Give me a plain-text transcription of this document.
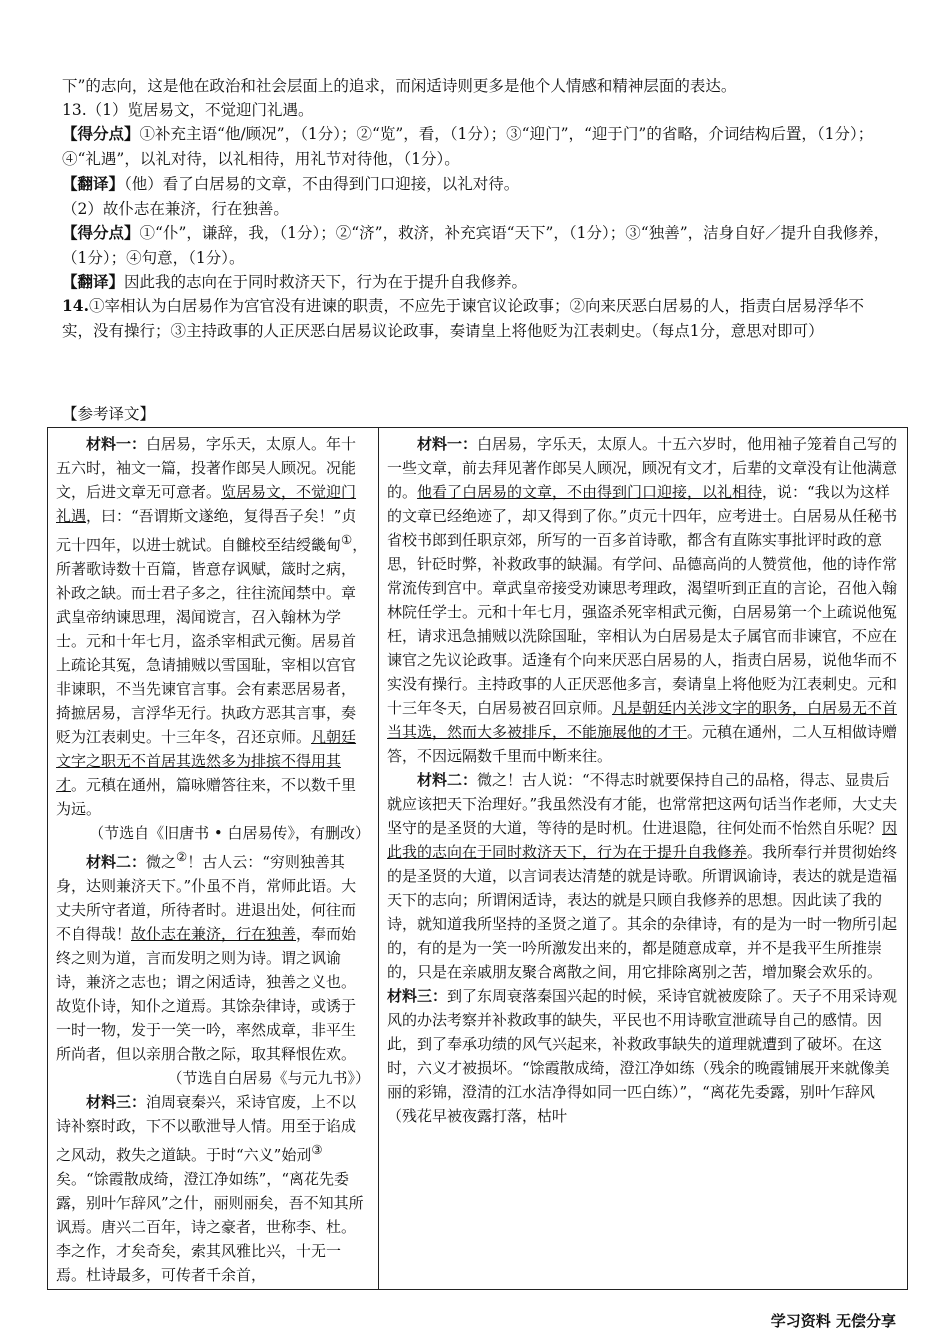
下”的志向，这是他在政治和社会层面上的追求，而闲适诗则更多是他个人情感和精神层面的表达。
13.（1）览居易文，不觉迎门礼遇。
【得分点】①补充主语“他/顾况”，（1分）；②“览”，看，（1分）；③“迎门”，“迎于门”的省略，介词结构后置，（1分）；④“礼遇”，以礼对待，以礼相待，用礼节对待他，（1分）。
【翻译】（他）看了白居易的文章，不由得到门口迎接，以礼对待。
（2）故仆志在兼济，行在独善。
【得分点】①“仆”，谦辞，我，（1分）；②“济”，救济，补充宾语“天下”，（1分）；③“独善”，洁身自好／提升自我修养，（1分）；④句意，（1分）。
【翻译】因此我的志向在于同时救济天下，行为在于提升自我修养。
14.①宰相认为白居易作为宫官没有进谏的职责，不应先于谏官议论政事；②向来厌恶白居易的人，指责白居易浮华不实，没有操行；③主持政事的人正厌恶白居易议论政事，奏请皇上将他贬为江表刺史。（每点1分，意思对即可）
【参考译文】
材料一：白居易，字乐天，太原人。年十五六时，袖文一篇，投著作郎吴人顾况。况能文，后进文章无可意者。览居易文，不觉迎门礼遇，曰：“吾谓斯文遂绝，复得吾子矣！”贞元十四年，以进士就试。自雠校至结绶畿甸①，所著歌诗数十百篇，皆意存讽赋，箴时之病，补政之缺。而士君子多之，往往流闻禁中。章武皇帝纳谏思理，渴闻谠言，召入翰林为学士。元和十年七月，盗杀宰相武元衡。居易首上疏论其冤，急请捕贼以雪国耻，宰相以宫官非谏职，不当先谏官言事。会有素恶居易者，掎摭居易，言浮华无行。执政方恶其言事，奏贬为江表刺史。十三年冬，召还京师。凡朝廷文字之职无不首居其选然多为排摈不得用其才。元稹在通州，篇咏赠答往来，不以数千里为远。
（节选自《旧唐书 • 白居易传》，有删改）
材料二：微之②！古人云：“穷则独善其身，达则兼济天下。”仆虽不肖，常师此语。大丈夫所守者道，所待者时。进退出处，何往而不自得哉！故仆志在兼济，行在独善，奉而始终之则为道，言而发明之则为诗。谓之讽谕诗，兼济之志也；谓之闲适诗，独善之义也。故览仆诗，知仆之道焉。其馀杂律诗，或诱于一时一物，发于一笑一吟，率然成章，非平生所尚者，但以亲朋合散之际，取其释恨佐欢。
（节选自白居易《与元九书》）
材料三：洎周衰秦兴，采诗官废，上不以诗补察时政，下不以歌泄导人情。用至于谄成之风动，救失之道缺。于时“六义”始刓③矣。“馀霞散成绮，澄江净如练”，“离花先委露，别叶乍辞风”之什，丽则丽矣，吾不知其所讽焉。唐兴二百年，诗之豪者，世称李、杜。李之作，才矣奇矣，索其风雅比兴，十无一焉。杜诗最多，可传者千余首，

材料一：白居易，字乐天，太原人。十五六岁时，他用袖子笼着自己写的一些文章，前去拜见著作郎吴人顾况，顾况有文才，后辈的文章没有让他满意的。他看了白居易的文章，不由得到门口迎接，以礼相待，说：“我以为这样的文章已经绝迹了，却又得到了你。”贞元十四年，应考进士。白居易从任秘书省校书郎到任职京郊，所写的一百多首诗歌，都含有直陈实事批评时政的意思，针砭时弊，补救政事的缺漏。有学问、品德高尚的人赞赏他，他的诗作常常流传到宫中。章武皇帝接受劝谏思考理政，渴望听到正直的言论，召他入翰林院任学士。元和十年七月，强盗杀死宰相武元衡，白居易第一个上疏说他冤枉，请求迅急捕贼以洗除国耻，宰相认为白居易是太子属官而非谏官，不应在谏官之先议论政事。适逢有个向来厌恶白居易的人，指责白居易，说他华而不实没有操行。主持政事的人正厌恶他多言，奏请皇上将他贬为江表刺史。元和十三年冬天，白居易被召回京师。凡是朝廷内关涉文字的职务，白居易无不首当其选，然而大多被排斥，不能施展他的才干。元稹在通州，二人互相做诗赠答，不因远隔数千里而中断来往。
材料二：微之！古人说：“不得志时就要保持自己的品格，得志、显贵后就应该把天下治理好。”我虽然没有才能，也常常把这两句话当作老师，大丈夫坚守的是圣贤的大道，等待的是时机。仕进退隐，往何处而不怡然自乐呢？因此我的志向在于同时救济天下，行为在于提升自我修养。我所奉行并贯彻始终的是圣贤的大道，以言词表达清楚的就是诗歌。所谓讽谕诗，表达的就是造福天下的志向；所谓闲适诗，表达的就是只顾自我修养的思想。因此读了我的诗，就知道我所坚持的圣贤之道了。其余的杂律诗，有的是为一时一物所引起的，有的是为一笑一吟所激发出来的，都是随意成章，并不是我平生所推崇的，只是在亲戚朋友聚合离散之间，用它排除离别之苦，增加聚会欢乐的。
材料三：到了东周衰落秦国兴起的时候，采诗官就被废除了。天子不用采诗观风的办法考察并补救政事的缺失，平民也不用诗歌宣泄疏导自己的感情。因此，到了奉承功绩的风气兴起来，补救政事缺失的道理就遭到了破坏。在这时，六义才被损坏。“馀霞散成绮，澄江净如练（残余的晚霞铺展开来就像美丽的彩锦，澄清的江水洁净得如同一匹白练）”，“离花先委露，别叶乍辞风（残花早被夜露打落，枯叶
学习资料 无偿分享
